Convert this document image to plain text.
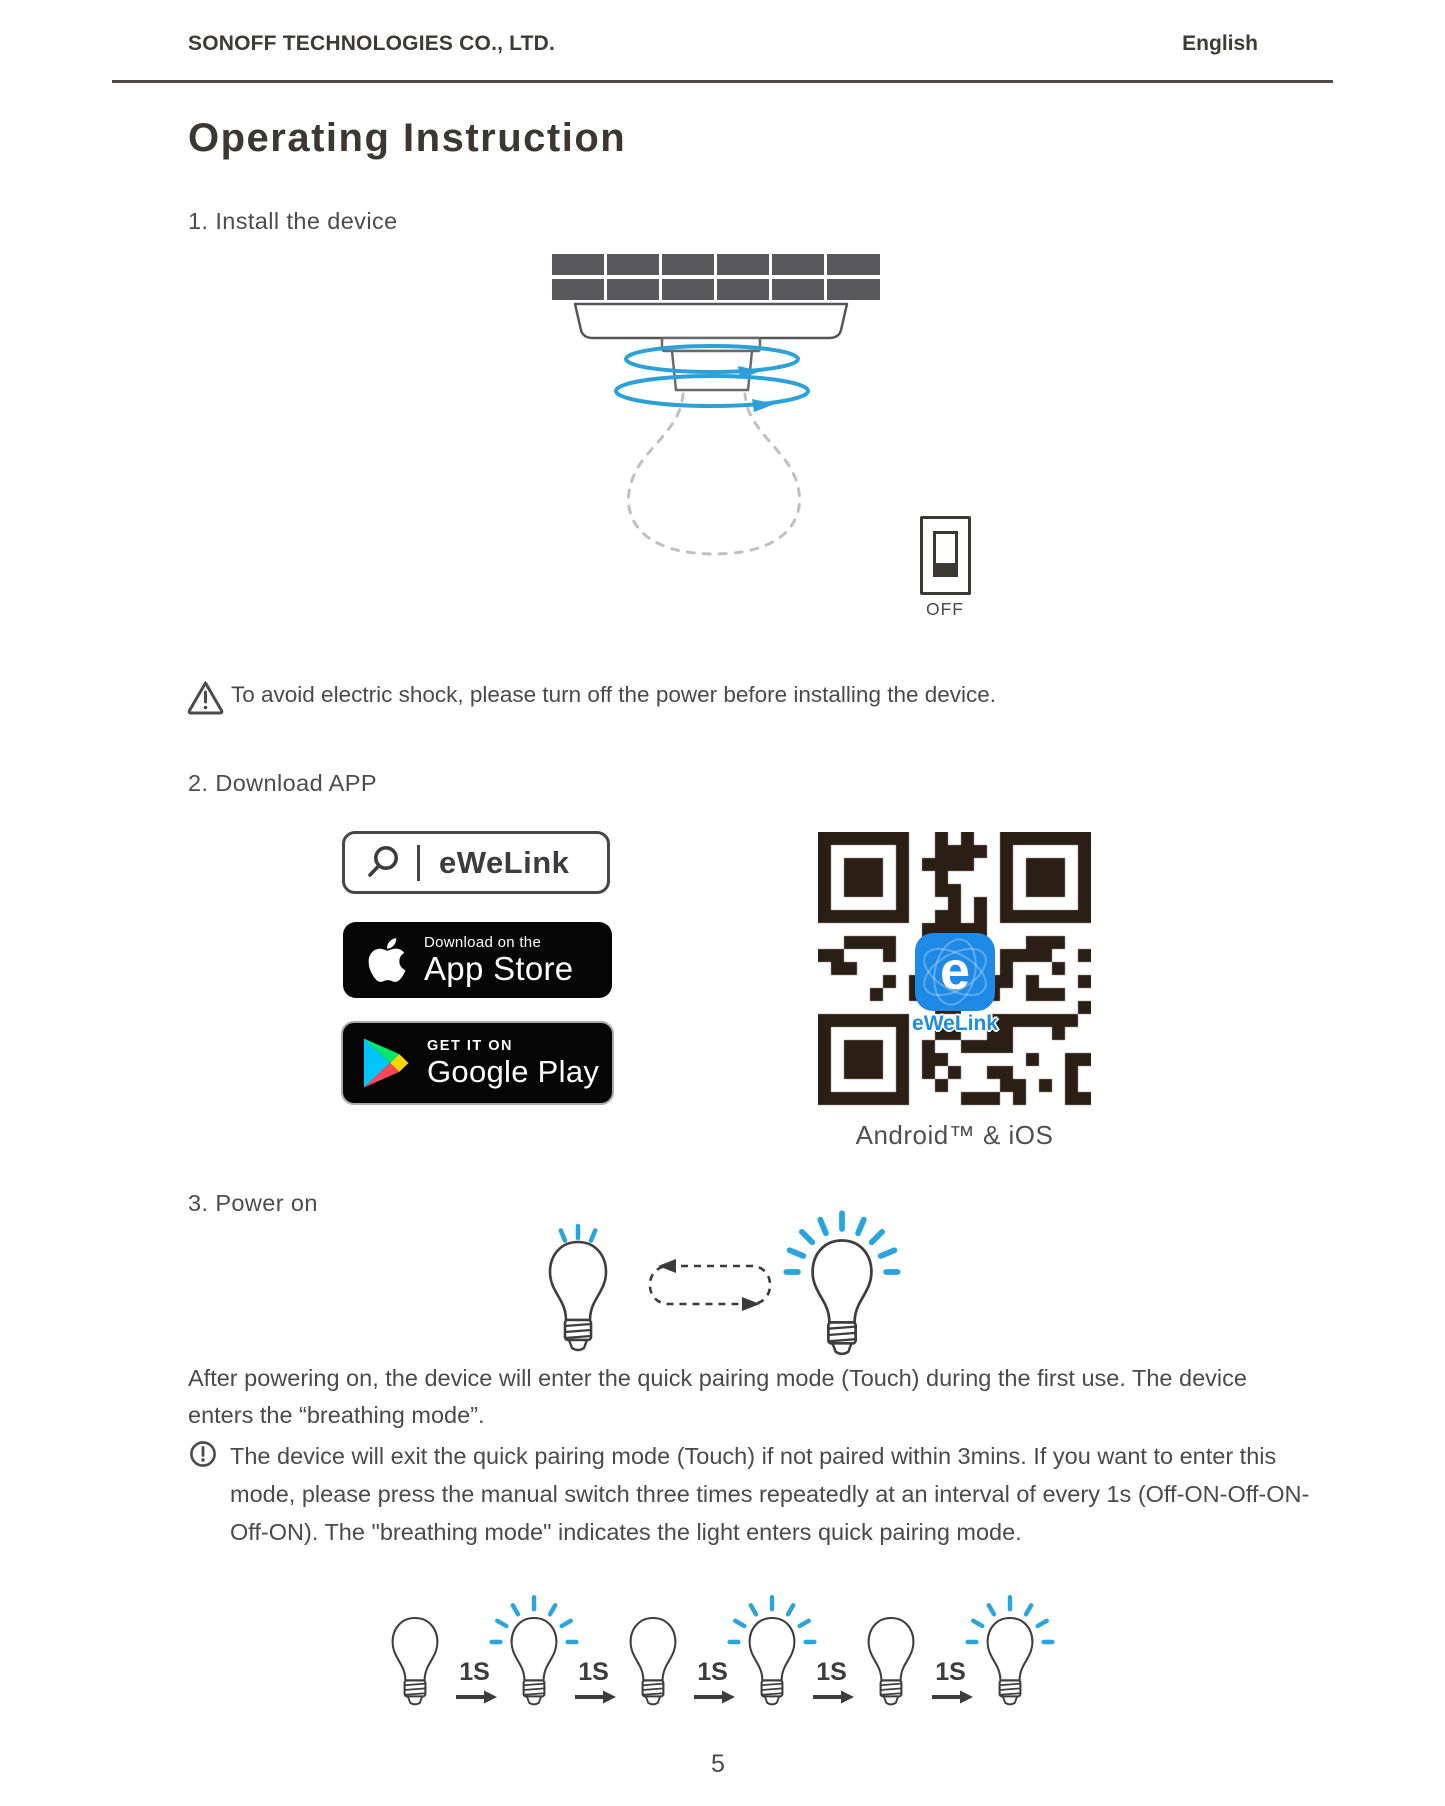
SONOFF TECHNOLOGIES CO., LTD.	English
Operating Instruction
1. Install the device
OFF
To avoid electric shock, please turn off the power before installing the device.
2. Download APP
eWeLink
Download on the
App Store
GET IT ON
Google Play
e
eWeLink
Android™ & iOS
3. Power on
After powering on, the device will enter the quick pairing mode (Touch) during the first use. The device enters the “breathing mode”.
The device will exit the quick pairing mode (Touch) if not paired within 3mins. If you want to enter this mode, please press the manual switch three times repeatedly at an interval of every 1s (Off-ON-Off-ON-Off-ON). The "breathing mode" indicates the light enters quick pairing mode.
1S	1S	1S	1S	1S
5
